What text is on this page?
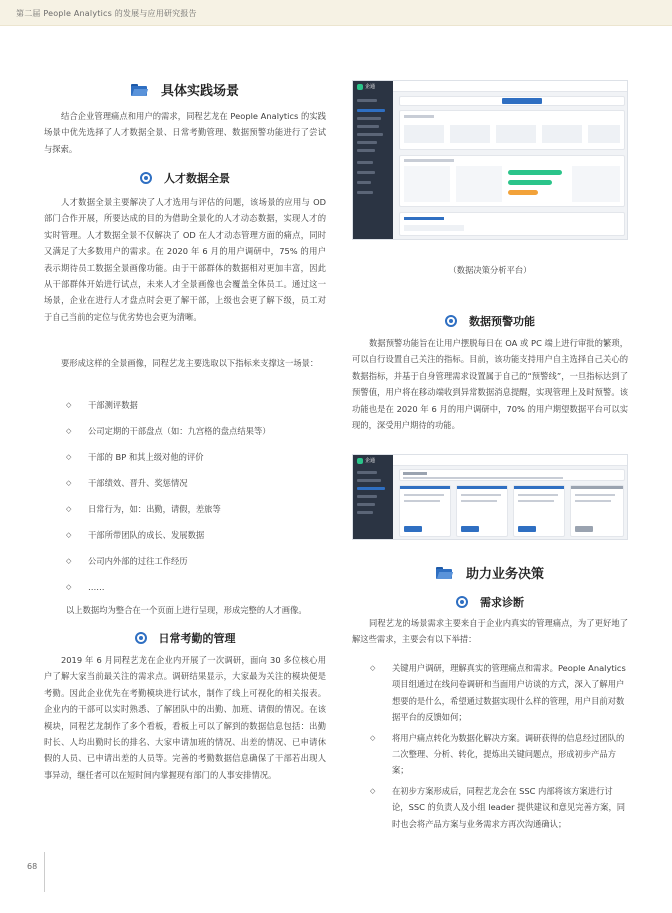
第二届 People Analytics 的发展与应用研究报告
具体实践场景

结合企业管理痛点和用户的需求，同程艺龙在 People Analytics 的实践场景中优先选择了人才数据全景、日常考勤管理、数据预警功能进行了尝试与探索。

人才数据全景

人才数据全景主要解决了人才选用与评估的问题，该场景的应用与 OD 部门合作开展，所要达成的目的为借助全景化的人才动态数据，实现人才的实时管理。人才数据全景不仅解决了 OD 在人才动态管理方面的痛点，同时又满足了大多数用户的需求。在 2020 年 6 月的用户调研中，75% 的用户表示期待员工数据全景画像功能。由于干部群体的数据相对更加丰富，因此从干部群体开始进行试点，未来人才全景画像也会覆盖全体员工。通过这一场景，企业在进行人才盘点时会更了解干部，上级也会更了解下级，员工对于自己当前的定位与优劣势也会更为清晰。

要形成这样的全景画像，同程艺龙主要选取以下指标来支撑这一场景：

◇ 干部测评数据
◇ 公司定期的干部盘点（如：九宫格的盘点结果等）
◇ 干部的 BP 和其上级对他的评价
◇ 干部绩效、晋升、奖惩情况
◇ 日常行为，如：出勤，请假，差旅等
◇ 干部所带团队的成长、发展数据
◇ 公司内外部的过往工作经历
◇ ……

以上数据均为整合在一个页面上进行呈现，形成完整的人才画像。

日常考勤的管理

2019 年 6 月同程艺龙在企业内开展了一次调研，面向 30 多位核心用户了解大家当前最关注的需求点。调研结果显示，大家最为关注的模块便是考勤。因此企业优先在考勤模块进行试水，制作了线上可视化的相关报表。企业内的干部可以实时熟悉、了解团队中的出勤、加班、请假的情况。在该模块，同程艺龙制作了多个看板，看板上可以了解到的数据信息包括：出勤时长、人均出勤时长的排名、大家申请加班的情况、出差的情况、已申请休假的人员、已申请出差的人员等。完善的考勤数据信息确保了干部若出现人事异动，继任者可以在短时间内掌握现有部门的人事安排情况。

企通
（数据决策分析平台）
数据预警功能

数据预警功能旨在让用户摆脱每日在 OA 或 PC 端上进行审批的繁琐，可以自行设置自己关注的指标。目前，该功能支持用户自主选择自己关心的数据指标，并基于自身管理需求设置属于自己的“预警线”，一旦指标达到了预警值，用户将在移动端收到异常数据消息提醒，实现管理上及时预警。该功能也是在 2020 年 6 月的用户调研中，70% 的用户期望数据平台可以实现的，深受用户期待的功能。

企通
助力业务决策
需求诊断

同程艺龙的场景需求主要来自于企业内真实的管理痛点，为了更好地了解这些需求，主要会有以下举措：

◇ 关键用户调研，理解真实的管理痛点和需求。People Analytics 项目组通过在线问卷调研和当面用户访谈的方式，深入了解用户想要的是什么，希望通过数据实现什么样的管理，用户目前对数据平台的反馈如何；
◇ 将用户痛点转化为数据化解决方案。调研获得的信息经过团队的二次整理、分析、转化，提炼出关键问题点，形成初步产品方案；
◇ 在初步方案形成后，同程艺龙会在 SSC 内部将该方案进行讨论，SSC 的负责人及小组 leader 提供建议和意见完善方案，同时也会将产品方案与业务需求方再次沟通确认；
68
